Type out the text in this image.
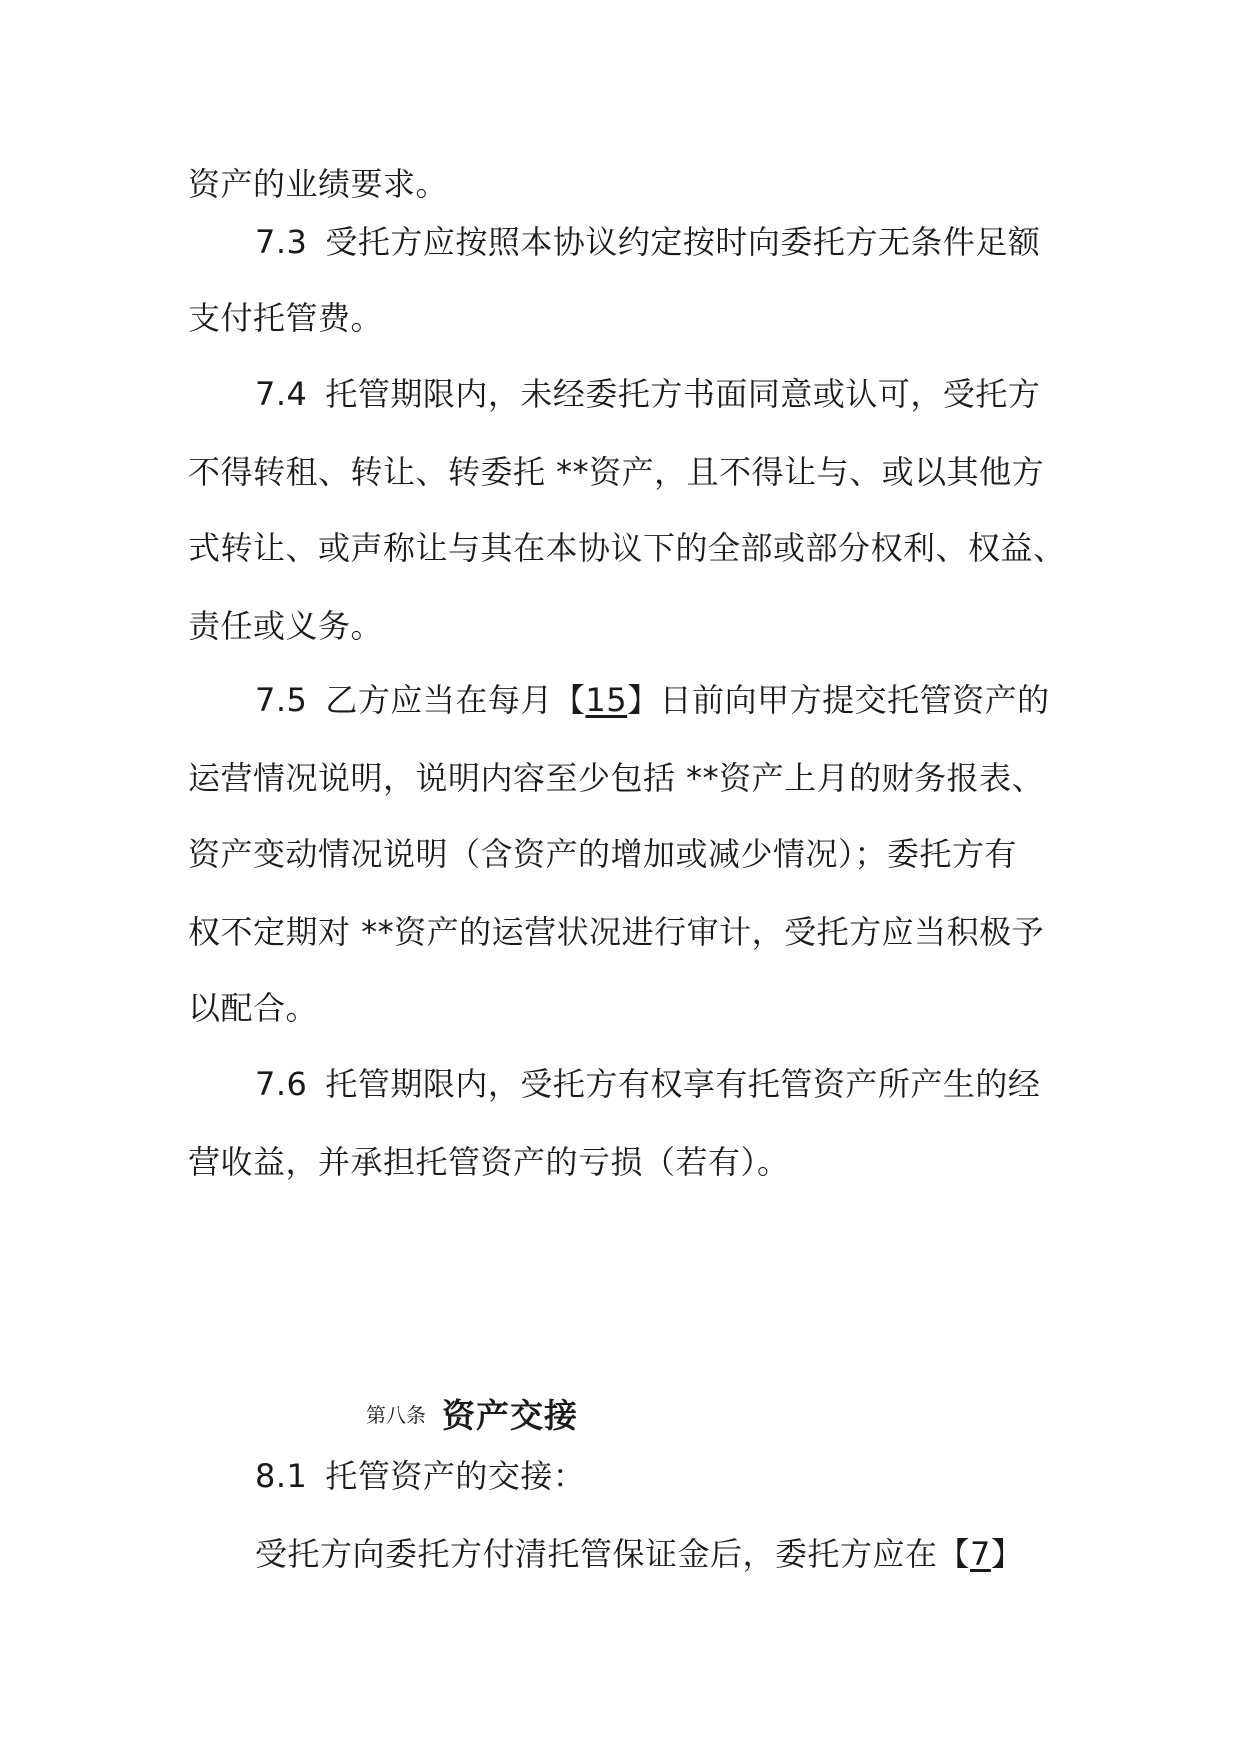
资产的业绩要求。
7.3 受托方应按照本协议约定按时向委托方无条件足额
支付托管费。
7.4 托管期限内，未经委托方书面同意或认可，受托方
不得转租、转让、转委托 **资产，且不得让与、或以其他方
式转让、或声称让与其在本协议下的全部或部分权利、权益、
责任或义务。
7.5 乙方应当在每月【15】日前向甲方提交托管资产的
运营情况说明，说明内容至少包括 **资产上月的财务报表、
资产变动情况说明（含资产的增加或减少情况）；委托方有
权不定期对 **资产的运营状况进行审计，受托方应当积极予
以配合。
7.6 托管期限内，受托方有权享有托管资产所产生的经
营收益，并承担托管资产的亏损（若有）。
第八条 资产交接
8.1 托管资产的交接：
受托方向委托方付清托管保证金后，委托方应在【7】
